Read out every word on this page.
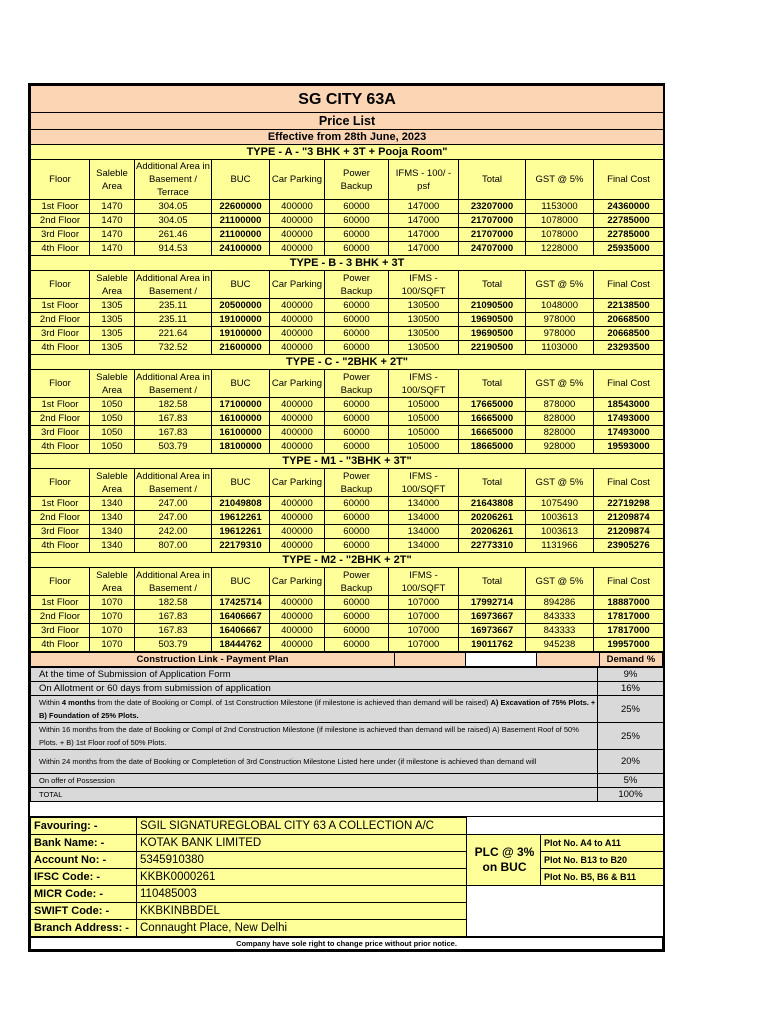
SG CITY 63A									
Price List									
Effective from 28th June, 2023									
TYPE - A - "3 BHK + 3T + Pooja Room"									
Floor	Saleble Area	Additional Area in Basement / Terrace	BUC	Car Parking	Power Backup	IFMS - 100/ - psf	Total	GST @ 5%	Final Cost
1st Floor	1470	304.05	22600000	400000	60000	147000	23207000	1153000	24360000
2nd Floor	1470	304.05	21100000	400000	60000	147000	21707000	1078000	22785000
3rd Floor	1470	261.46	21100000	400000	60000	147000	21707000	1078000	22785000
4th Floor	1470	914.53	24100000	400000	60000	147000	24707000	1228000	25935000
TYPE - B - 3 BHK + 3T									
Floor	Saleble Area	Additional Area in Basement /	BUC	Car Parking	Power Backup	IFMS - 100/SQFT	Total	GST @ 5%	Final Cost
1st Floor	1305	235.11	20500000	400000	60000	130500	21090500	1048000	22138500
2nd Floor	1305	235.11	19100000	400000	60000	130500	19690500	978000	20668500
3rd Floor	1305	221.64	19100000	400000	60000	130500	19690500	978000	20668500
4th Floor	1305	732.52	21600000	400000	60000	130500	22190500	1103000	23293500
TYPE - C - "2BHK + 2T"									
Floor	Saleble Area	Additional Area in Basement /	BUC	Car Parking	Power Backup	IFMS - 100/SQFT	Total	GST @ 5%	Final Cost
1st Floor	1050	182.58	17100000	400000	60000	105000	17665000	878000	18543000
2nd Floor	1050	167.83	16100000	400000	60000	105000	16665000	828000	17493000
3rd Floor	1050	167.83	16100000	400000	60000	105000	16665000	828000	17493000
4th Floor	1050	503.79	18100000	400000	60000	105000	18665000	928000	19593000
TYPE - M1 - "3BHK + 3T"									
Floor	Saleble Area	Additional Area in Basement /	BUC	Car Parking	Power Backup	IFMS - 100/SQFT	Total	GST @ 5%	Final Cost
1st Floor	1340	247.00	21049808	400000	60000	134000	21643808	1075490	22719298
2nd Floor	1340	247.00	19612261	400000	60000	134000	20206261	1003613	21209874
3rd Floor	1340	242.00	19612261	400000	60000	134000	20206261	1003613	21209874
4th Floor	1340	807.00	22179310	400000	60000	134000	22773310	1131966	23905276
TYPE - M2 - "2BHK + 2T"									
Floor	Saleble Area	Additional Area in Basement /	BUC	Car Parking	Power Backup	IFMS - 100/SQFT	Total	GST @ 5%	Final Cost
1st Floor	1070	182.58	17425714	400000	60000	107000	17992714	894286	18887000
2nd Floor	1070	167.83	16406667	400000	60000	107000	16973667	843333	17817000
3rd Floor	1070	167.83	16406667	400000	60000	107000	16973667	843333	17817000
4th Floor	1070	503.79	18444762	400000	60000	107000	19011762	945238	19957000
Construction Link - Payment Plan				Demand %
At the time of Submission of Application Form	9%
On Allotment or 60 days from submission of application	16%
Within 4 months from the date of Booking or Compl. of 1st Construction Milestone (if milestone is achieved than demand will be raised) A) Excavation of 75% Plots. + B) Foundation of 25% Plots.	25%
Within 16 months from the date of Booking or Compl of 2nd Construction Milestone (if milestone is achieved than demand will be raised) A) Basement Roof of 50% Plots. + B) 1st Floor roof of 50% Plots.	25%
Within 24 months from the date of Booking or Completetion of 3rd Construction Milestone Listed here under (if milestone is achieved than demand will	20%
On offer of Possession	5%
TOTAL	100%
Favouring: -	SGIL SIGNATUREGLOBAL CITY 63 A COLLECTION A/C		
Bank Name: -	KOTAK BANK LIMITED	PLC @ 3% on BUC	Plot No. A4 to A11
Account No: -	5345910380		Plot No. B13 to B20
IFSC Code: -	KKBK0000261		Plot No. B5, B6 & B11
MICR Code: -	110485003		
SWIFT Code: -	KKBKINBBDEL		
Branch Address: -	Connaught Place, New Delhi		
Company have sole right to change price without prior notice.
